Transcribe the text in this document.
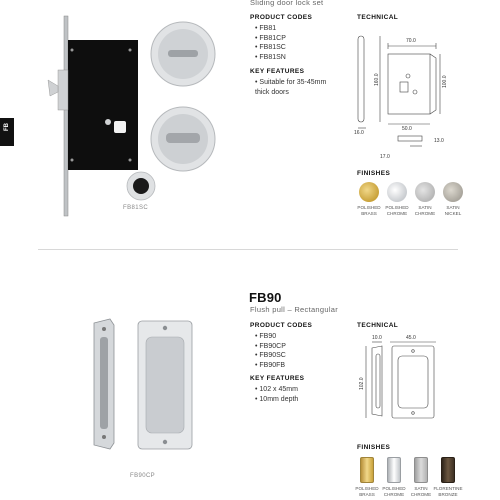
FB
FB81SC
Sliding door lock set
PRODUCT CODES
• FB81
• FB81CP
• FB81SC
• FB81SN
KEY FEATURES
• Suitable for 35-45mm thick doors
TECHNICAL
70.0
160.0	100.0
16.0
50.0
17.0
13.0
FINISHES
POLISHED BRASS
POLISHED CHROME
SATIN CHROME
SATIN NICKEL
FB90CP
FB90
Flush pull – Rectangular
PRODUCT CODES
• FB90
• FB90CP
• FB90SC
• FB90FB
KEY FEATURES
• 102 x 45mm
• 10mm depth
TECHNICAL
10.0	45.0
102.0
FINISHES
POLISHED BRASS
POLISHED CHROME
SATIN CHROME
FLORENTINE BRONZE
